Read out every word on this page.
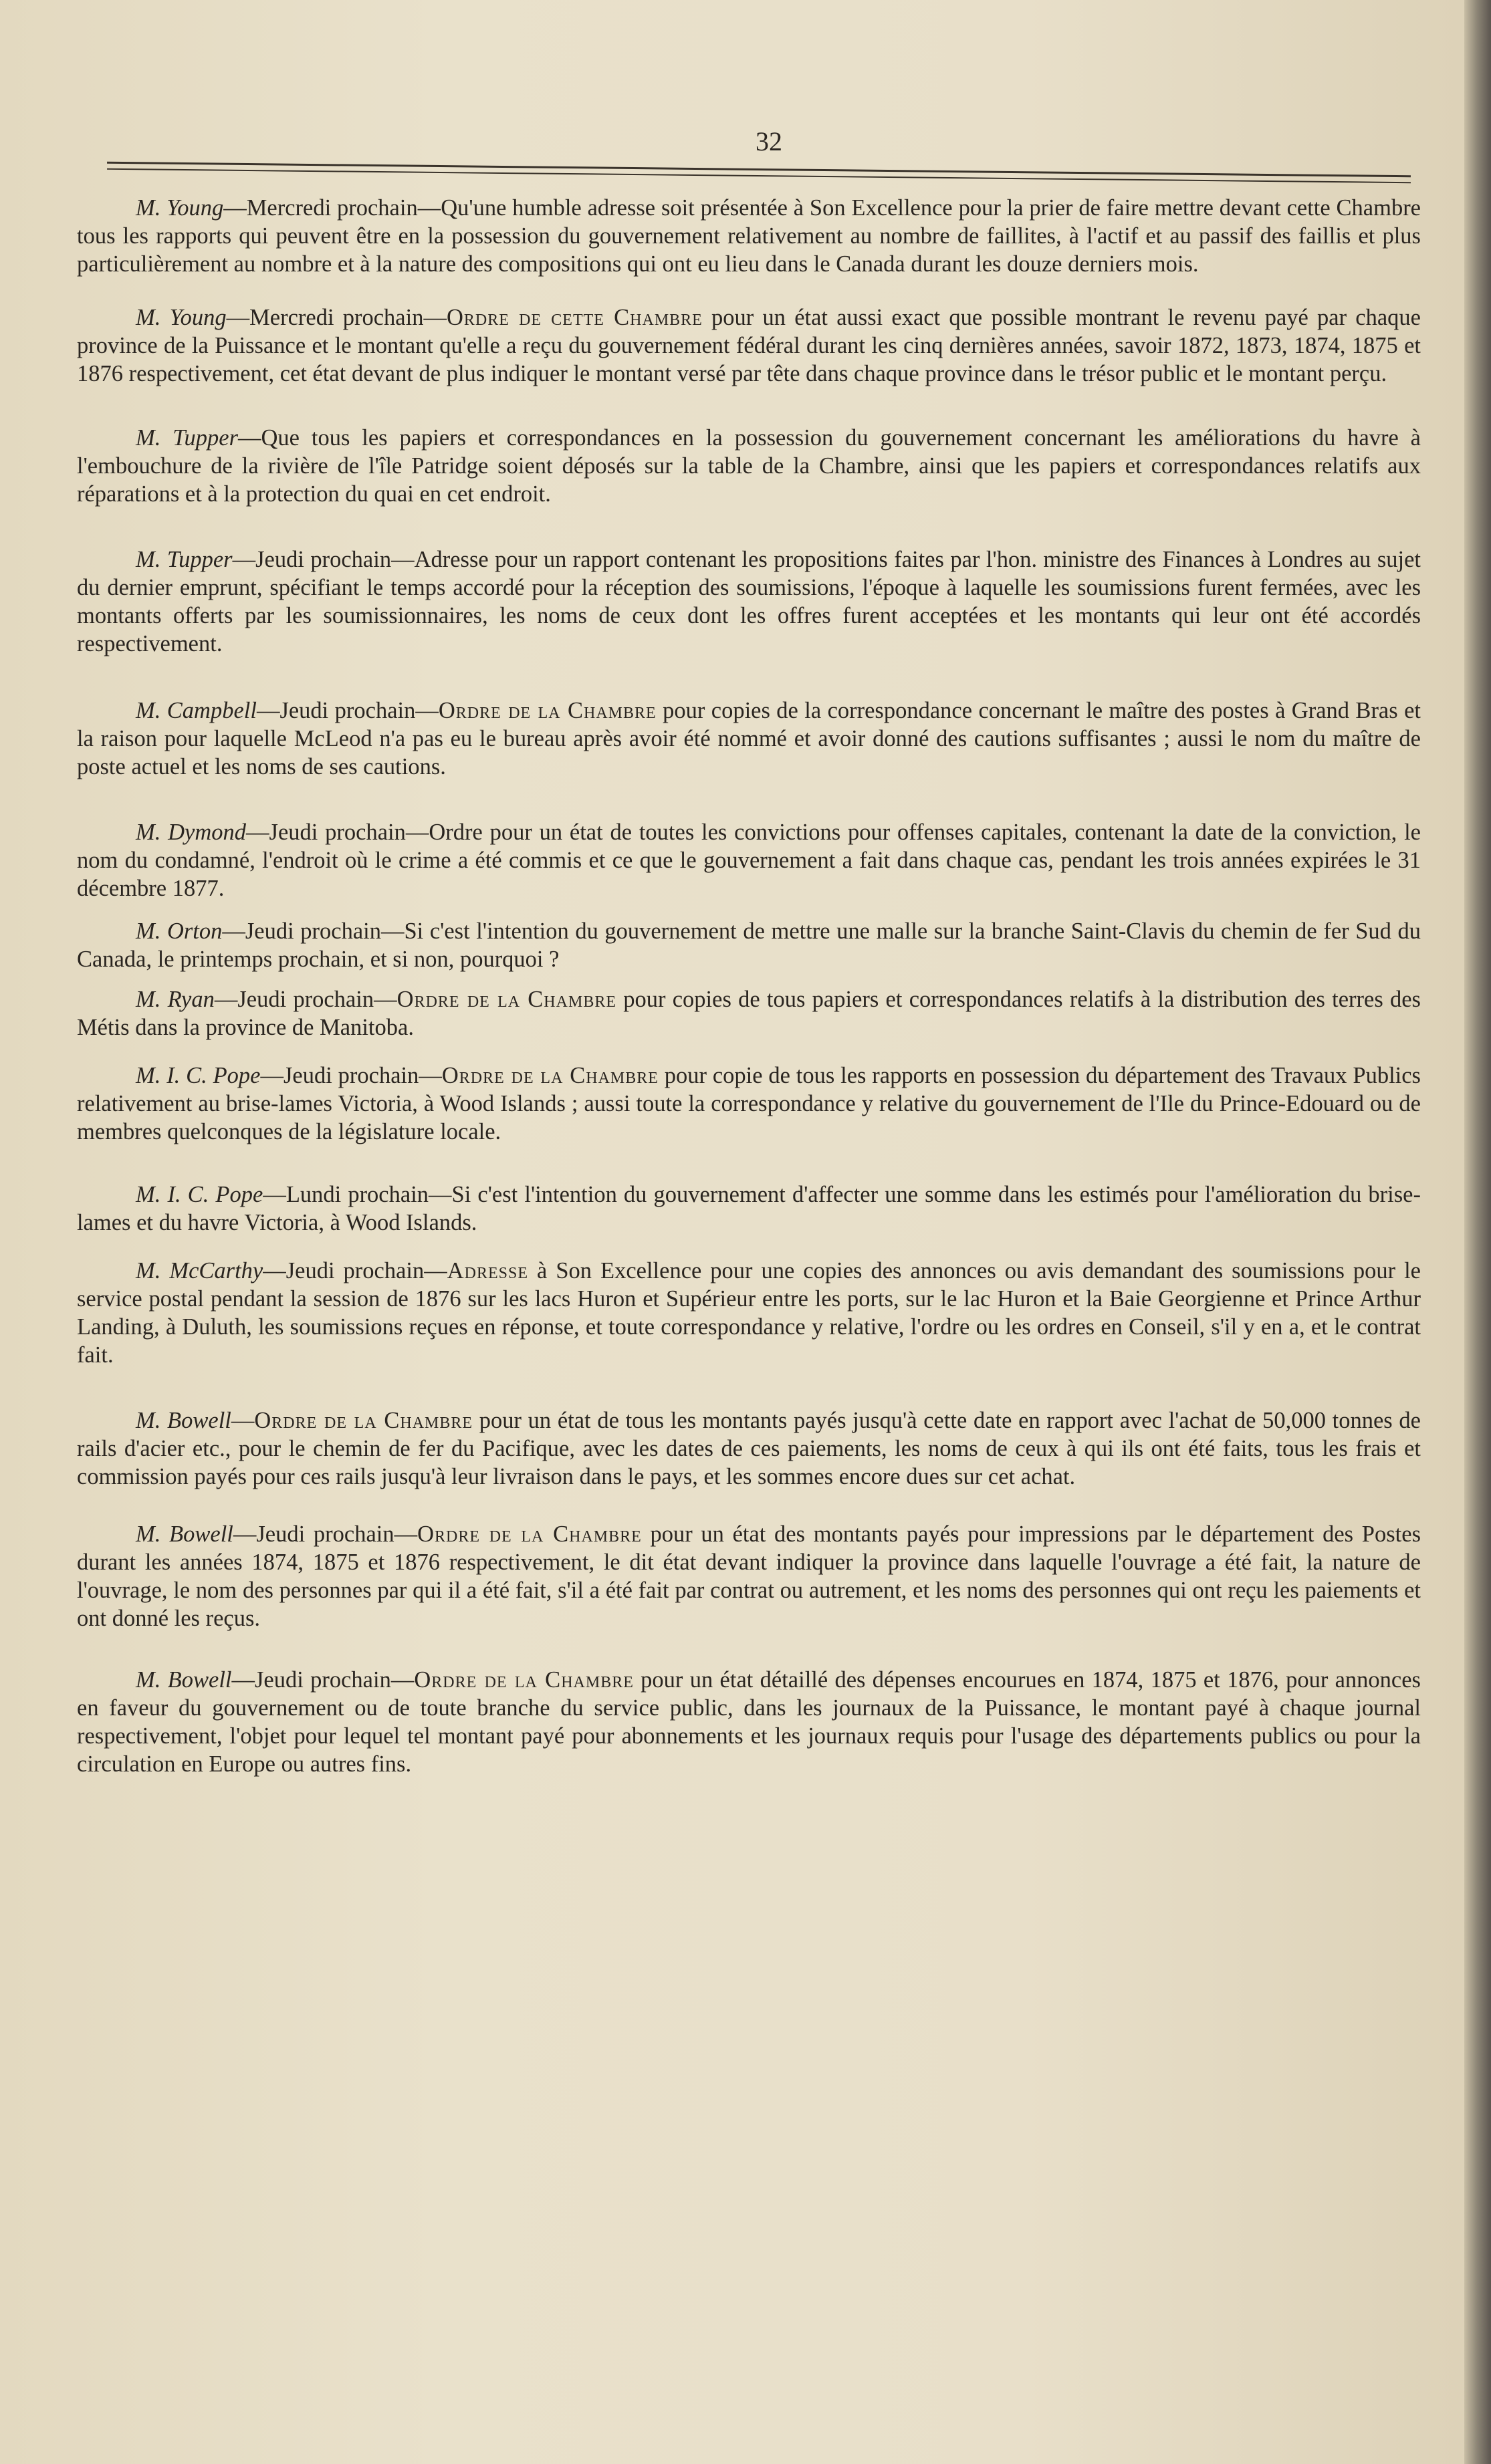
32

M. Young—Mercredi prochain—Qu'une humble adresse soit présentée à Son Excellence pour la prier de faire mettre devant cette Chambre tous les rapports qui peuvent être en la possession du gouvernement relativement au nombre de faillites, à l'actif et au passif des faillis et plus particulièrement au nombre et à la nature des compositions qui ont eu lieu dans le Canada durant les douze derniers mois.

M. Young—Mercredi prochain—Ordre de cette Chambre pour un état aussi exact que possible montrant le revenu payé par chaque province de la Puissance et le montant qu'elle a reçu du gouvernement fédéral durant les cinq dernières années, savoir 1872, 1873, 1874, 1875 et 1876 respectivement, cet état devant de plus indiquer le montant versé par tête dans chaque province dans le trésor public et le montant perçu.

M. Tupper—Que tous les papiers et correspondances en la possession du gouvernement concernant les améliorations du havre à l'embouchure de la rivière de l'île Patridge soient déposés sur la table de la Chambre, ainsi que les papiers et correspondances relatifs aux réparations et à la protection du quai en cet endroit.

M. Tupper—Jeudi prochain—Adresse pour un rapport contenant les propositions faites par l'hon. ministre des Finances à Londres au sujet du dernier emprunt, spécifiant le temps accordé pour la réception des soumissions, l'époque à laquelle les soumissions furent fermées, avec les montants offerts par les soumissionnaires, les noms de ceux dont les offres furent acceptées et les montants qui leur ont été accordés respectivement.

M. Campbell—Jeudi prochain—Ordre de la Chambre pour copies de la correspondance concernant le maître des postes à Grand Bras et la raison pour laquelle McLeod n'a pas eu le bureau après avoir été nommé et avoir donné des cautions suffisantes ; aussi le nom du maître de poste actuel et les noms de ses cautions.

M. Dymond—Jeudi prochain—Ordre pour un état de toutes les convictions pour offenses capitales, contenant la date de la conviction, le nom du condamné, l'endroit où le crime a été commis et ce que le gouvernement a fait dans chaque cas, pendant les trois années expirées le 31 décembre 1877.

M. Orton—Jeudi prochain—Si c'est l'intention du gouvernement de mettre une malle sur la branche Saint-Clavis du chemin de fer Sud du Canada, le printemps prochain, et si non, pourquoi ?

M. Ryan—Jeudi prochain—Ordre de la Chambre pour copies de tous papiers et correspondances relatifs à la distribution des terres des Métis dans la province de Manitoba.

M. I. C. Pope—Jeudi prochain—Ordre de la Chambre pour copie de tous les rapports en possession du département des Travaux Publics relativement au brise-lames Victoria, à Wood Islands ; aussi toute la correspondance y relative du gouvernement de l'Ile du Prince-Edouard ou de membres quelconques de la législature locale.

M. I. C. Pope—Lundi prochain—Si c'est l'intention du gouvernement d'affecter une somme dans les estimés pour l'amélioration du brise-lames et du havre Victoria, à Wood Islands.

M. McCarthy—Jeudi prochain—Adresse à Son Excellence pour une copies des annonces ou avis demandant des soumissions pour le service postal pendant la session de 1876 sur les lacs Huron et Supérieur entre les ports, sur le lac Huron et la Baie Georgienne et Prince Arthur Landing, à Duluth, les soumissions reçues en réponse, et toute correspondance y relative, l'ordre ou les ordres en Conseil, s'il y en a, et le contrat fait.

M. Bowell—Ordre de la Chambre pour un état de tous les montants payés jusqu'à cette date en rapport avec l'achat de 50,000 tonnes de rails d'acier etc., pour le chemin de fer du Pacifique, avec les dates de ces paiements, les noms de ceux à qui ils ont été faits, tous les frais et commission payés pour ces rails jusqu'à leur livraison dans le pays, et les sommes encore dues sur cet achat.

M. Bowell—Jeudi prochain—Ordre de la Chambre pour un état des montants payés pour impressions par le département des Postes durant les années 1874, 1875 et 1876 respectivement, le dit état devant indiquer la province dans laquelle l'ouvrage a été fait, la nature de l'ouvrage, le nom des personnes par qui il a été fait, s'il a été fait par contrat ou autrement, et les noms des personnes qui ont reçu les paiements et ont donné les reçus.

M. Bowell—Jeudi prochain—Ordre de la Chambre pour un état détaillé des dépenses encourues en 1874, 1875 et 1876, pour annonces en faveur du gouvernement ou de toute branche du service public, dans les journaux de la Puissance, le montant payé à chaque journal respectivement, l'objet pour lequel tel montant payé pour abonnements et les journaux requis pour l'usage des départements publics ou pour la circulation en Europe ou autres fins.
